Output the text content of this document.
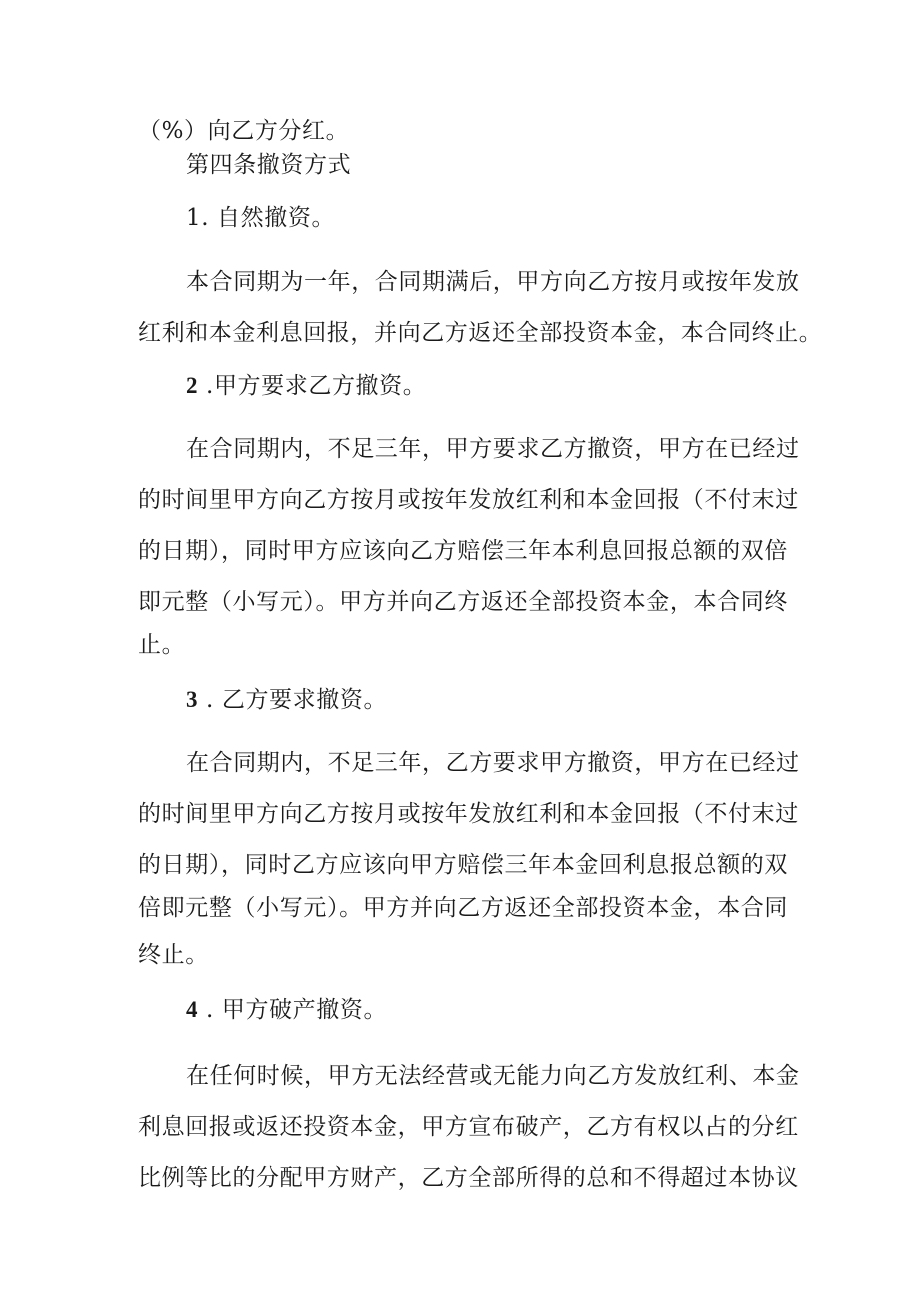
（%）向乙方分红。
第四条撤资方式
1. 自然撤资。
本合同期为一年，合同期满后，甲方向乙方按月或按年发放
红利和本金利息回报，并向乙方返还全部投资本金，本合同终止。
2 .甲方要求乙方撤资。
在合同期内，不足三年，甲方要求乙方撤资，甲方在已经过
的时间里甲方向乙方按月或按年发放红利和本金回报（不付末过
的日期），同时甲方应该向乙方赔偿三年本利息回报总额的双倍
即元整（小写元）。甲方并向乙方返还全部投资本金，本合同终
止。
3 . 乙方要求撤资。
在合同期内，不足三年，乙方要求甲方撤资，甲方在已经过
的时间里甲方向乙方按月或按年发放红利和本金回报（不付末过
的日期），同时乙方应该向甲方赔偿三年本金回利息报总额的双
倍即元整（小写元）。甲方并向乙方返还全部投资本金，本合同
终止。
4 . 甲方破产撤资。
在任何时候，甲方无法经营或无能力向乙方发放红利、本金
利息回报或返还投资本金，甲方宣布破产，乙方有权以占的分红
比例等比的分配甲方财产，乙方全部所得的总和不得超过本协议
